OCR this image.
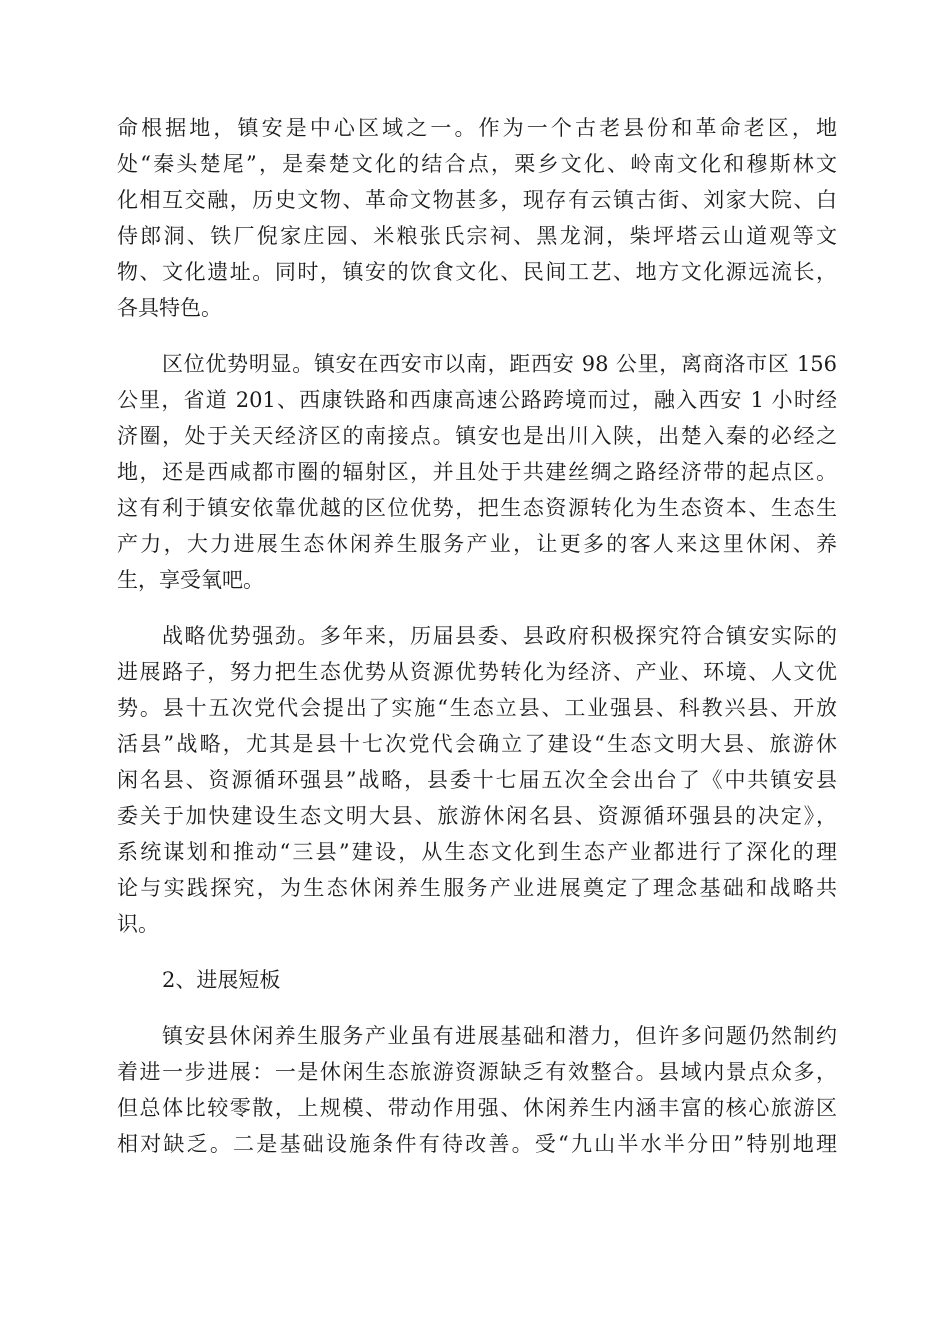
命根据地，镇安是中心区域之一。作为一个古老县份和革命老区，地
处“秦头楚尾”，是秦楚文化的结合点，栗乡文化、岭南文化和穆斯林文
化相互交融，历史文物、革命文物甚多，现存有云镇古街、刘家大院、白
侍郎洞、铁厂倪家庄园、米粮张氏宗祠、黑龙洞，柴坪塔云山道观等文
物、文化遗址。同时，镇安的饮食文化、民间工艺、地方文化源远流长，
各具特色。
区位优势明显。镇安在西安市以南，距西安 98 公里，离商洛市区 156
公里，省道 201、西康铁路和西康高速公路跨境而过，融入西安 1 小时经
济圈，处于关天经济区的南接点。镇安也是出川入陕，出楚入秦的必经之
地，还是西咸都市圈的辐射区，并且处于共建丝绸之路经济带的起点区。
这有利于镇安依靠优越的区位优势，把生态资源转化为生态资本、生态生
产力，大力进展生态休闲养生服务产业，让更多的客人来这里休闲、养
生，享受氧吧。
战略优势强劲。多年来，历届县委、县政府积极探究符合镇安实际的
进展路子，努力把生态优势从资源优势转化为经济、产业、环境、人文优
势。县十五次党代会提出了实施“生态立县、工业强县、科教兴县、开放
活县”战略，尤其是县十七次党代会确立了建设“生态文明大县、旅游休
闲名县、资源循环强县”战略，县委十七届五次全会出台了《中共镇安县
委关于加快建设生态文明大县、旅游休闲名县、资源循环强县的决定》，
系统谋划和推动“三县”建设，从生态文化到生态产业都进行了深化的理
论与实践探究，为生态休闲养生服务产业进展奠定了理念基础和战略共
识。
2、进展短板
镇安县休闲养生服务产业虽有进展基础和潜力，但许多问题仍然制约
着进一步进展：一是休闲生态旅游资源缺乏有效整合。县域内景点众多，
但总体比较零散，上规模、带动作用强、休闲养生内涵丰富的核心旅游区
相对缺乏。二是基础设施条件有待改善。受“九山半水半分田”特别地理
